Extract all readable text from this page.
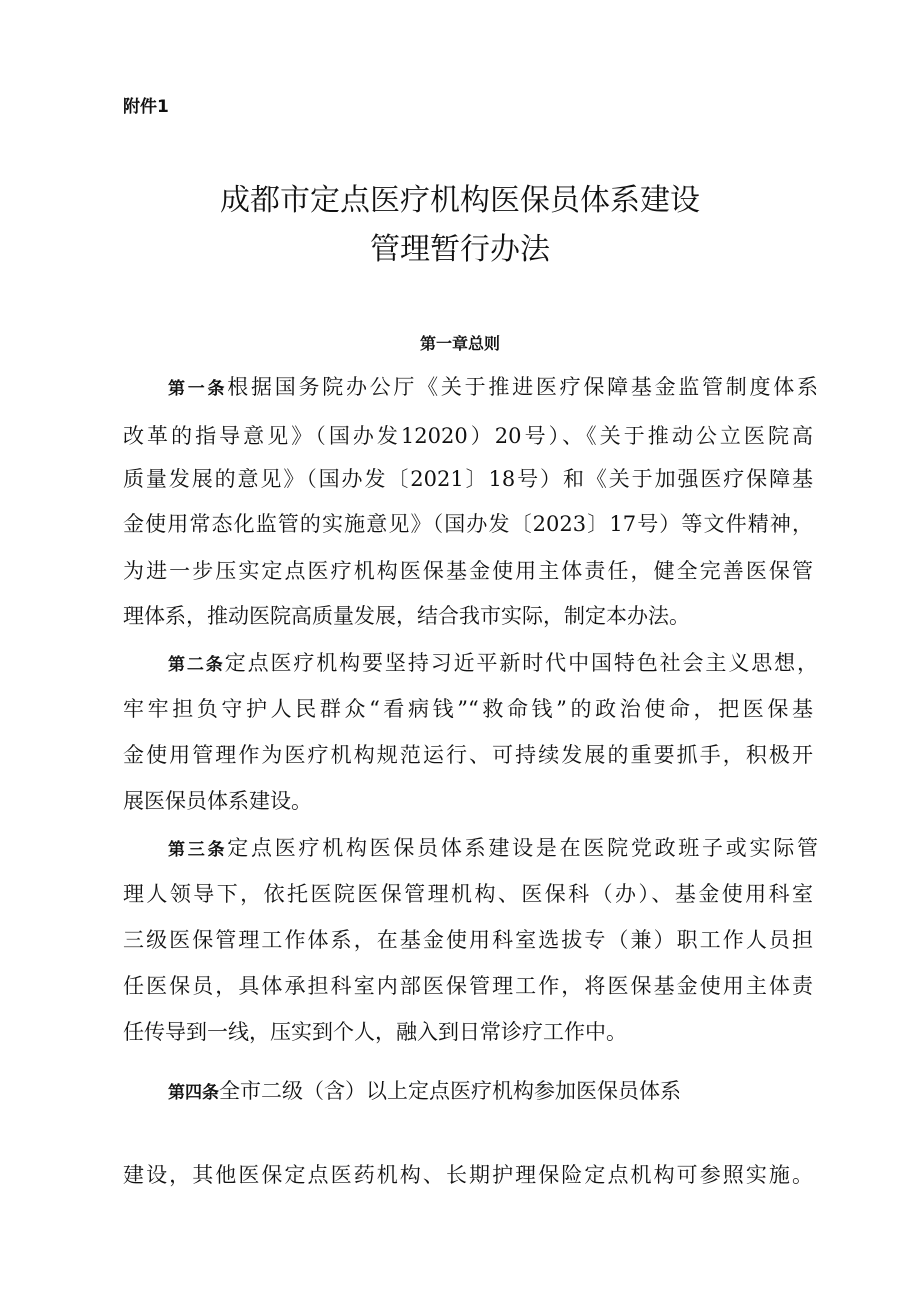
附件1
成都市定点医疗机构医保员体系建设
管理暂行办法
第一章总则
第一条根据国务院办公厅《关于推进医疗保障基金监管制度体系
改革的指导意见》（国办发12020）20号）、《关于推动公立医院高
质量发展的意见》（国办发〔2021〕18号）和《关于加强医疗保障基
金使用常态化监管的实施意见》（国办发〔2023〕17号）等文件精神，
为进一步压实定点医疗机构医保基金使用主体责任，健全完善医保管
理体系，推动医院高质量发展，结合我市实际，制定本办法。
第二条定点医疗机构要坚持习近平新时代中国特色社会主义思想，
牢牢担负守护人民群众“看病钱”“救命钱”的政治使命，把医保基
金使用管理作为医疗机构规范运行、可持续发展的重要抓手，积极开
展医保员体系建设。
第三条定点医疗机构医保员体系建设是在医院党政班子或实际管
理人领导下，依托医院医保管理机构、医保科（办）、基金使用科室
三级医保管理工作体系，在基金使用科室选拔专（兼）职工作人员担
任医保员，具体承担科室内部医保管理工作，将医保基金使用主体责
任传导到一线，压实到个人，融入到日常诊疗工作中。
第四条全市二级（含）以上定点医疗机构参加医保员体系
建设，其他医保定点医药机构、长期护理保险定点机构可参照实施。
